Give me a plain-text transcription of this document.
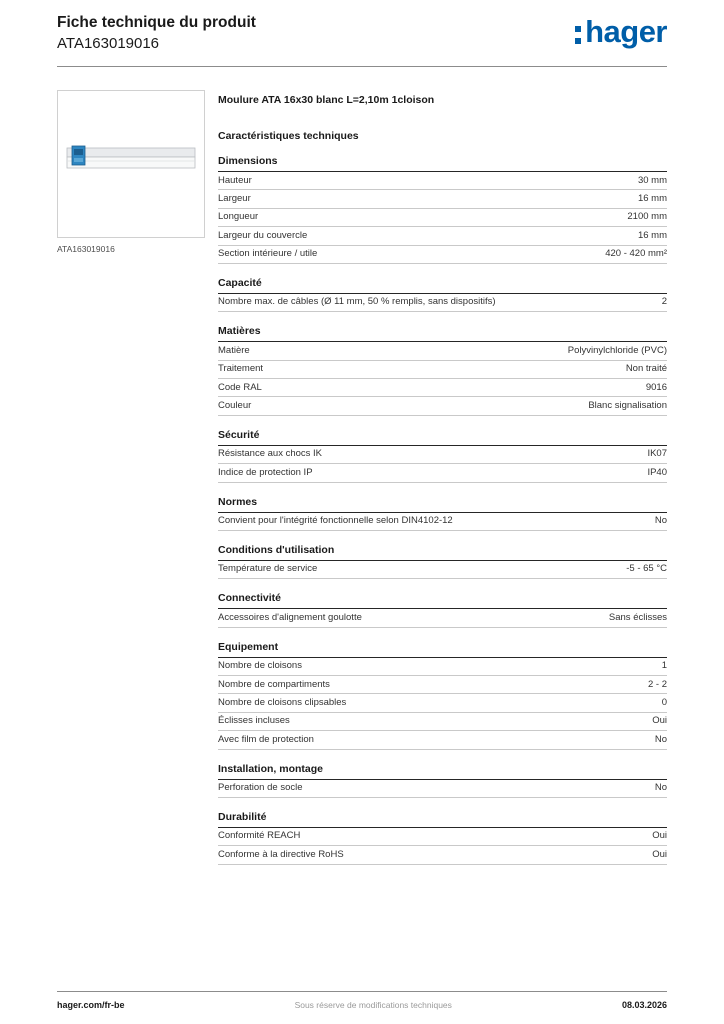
Fiche technique du produit
ATA163019016	hager
ATA163019016
Moulure ATA 16x30 blanc L=2,10m 1cloison
Caractéristiques techniques
Dimensions
Hauteur	30 mm
Largeur	16 mm
Longueur	2100 mm
Largeur du couvercle	16 mm
Section intérieure / utile	420 - 420 mm²
Capacité
Nombre max. de câbles (Ø 11 mm, 50 % remplis, sans dispositifs)	2
Matières
Matière	Polyvinylchloride (PVC)
Traitement	Non traité
Code RAL	9016
Couleur	Blanc signalisation
Sécurité
Résistance aux chocs IK	IK07
Indice de protection IP	IP40
Normes
Convient pour l'intégrité fonctionnelle selon DIN4102-12	No
Conditions d'utilisation
Température de service	-5 - 65 °C
Connectivité
Accessoires d'alignement goulotte	Sans éclisses
Equipement
Nombre de cloisons	1
Nombre de compartiments	2 - 2
Nombre de cloisons clipsables	0
Éclisses incluses	Oui
Avec film de protection	No
Installation, montage
Perforation de socle	No
Durabilité
Conformité REACH	Oui
Conforme à la directive RoHS	Oui
hager.com/fr-be	Sous réserve de modifications techniques	08.03.2026
